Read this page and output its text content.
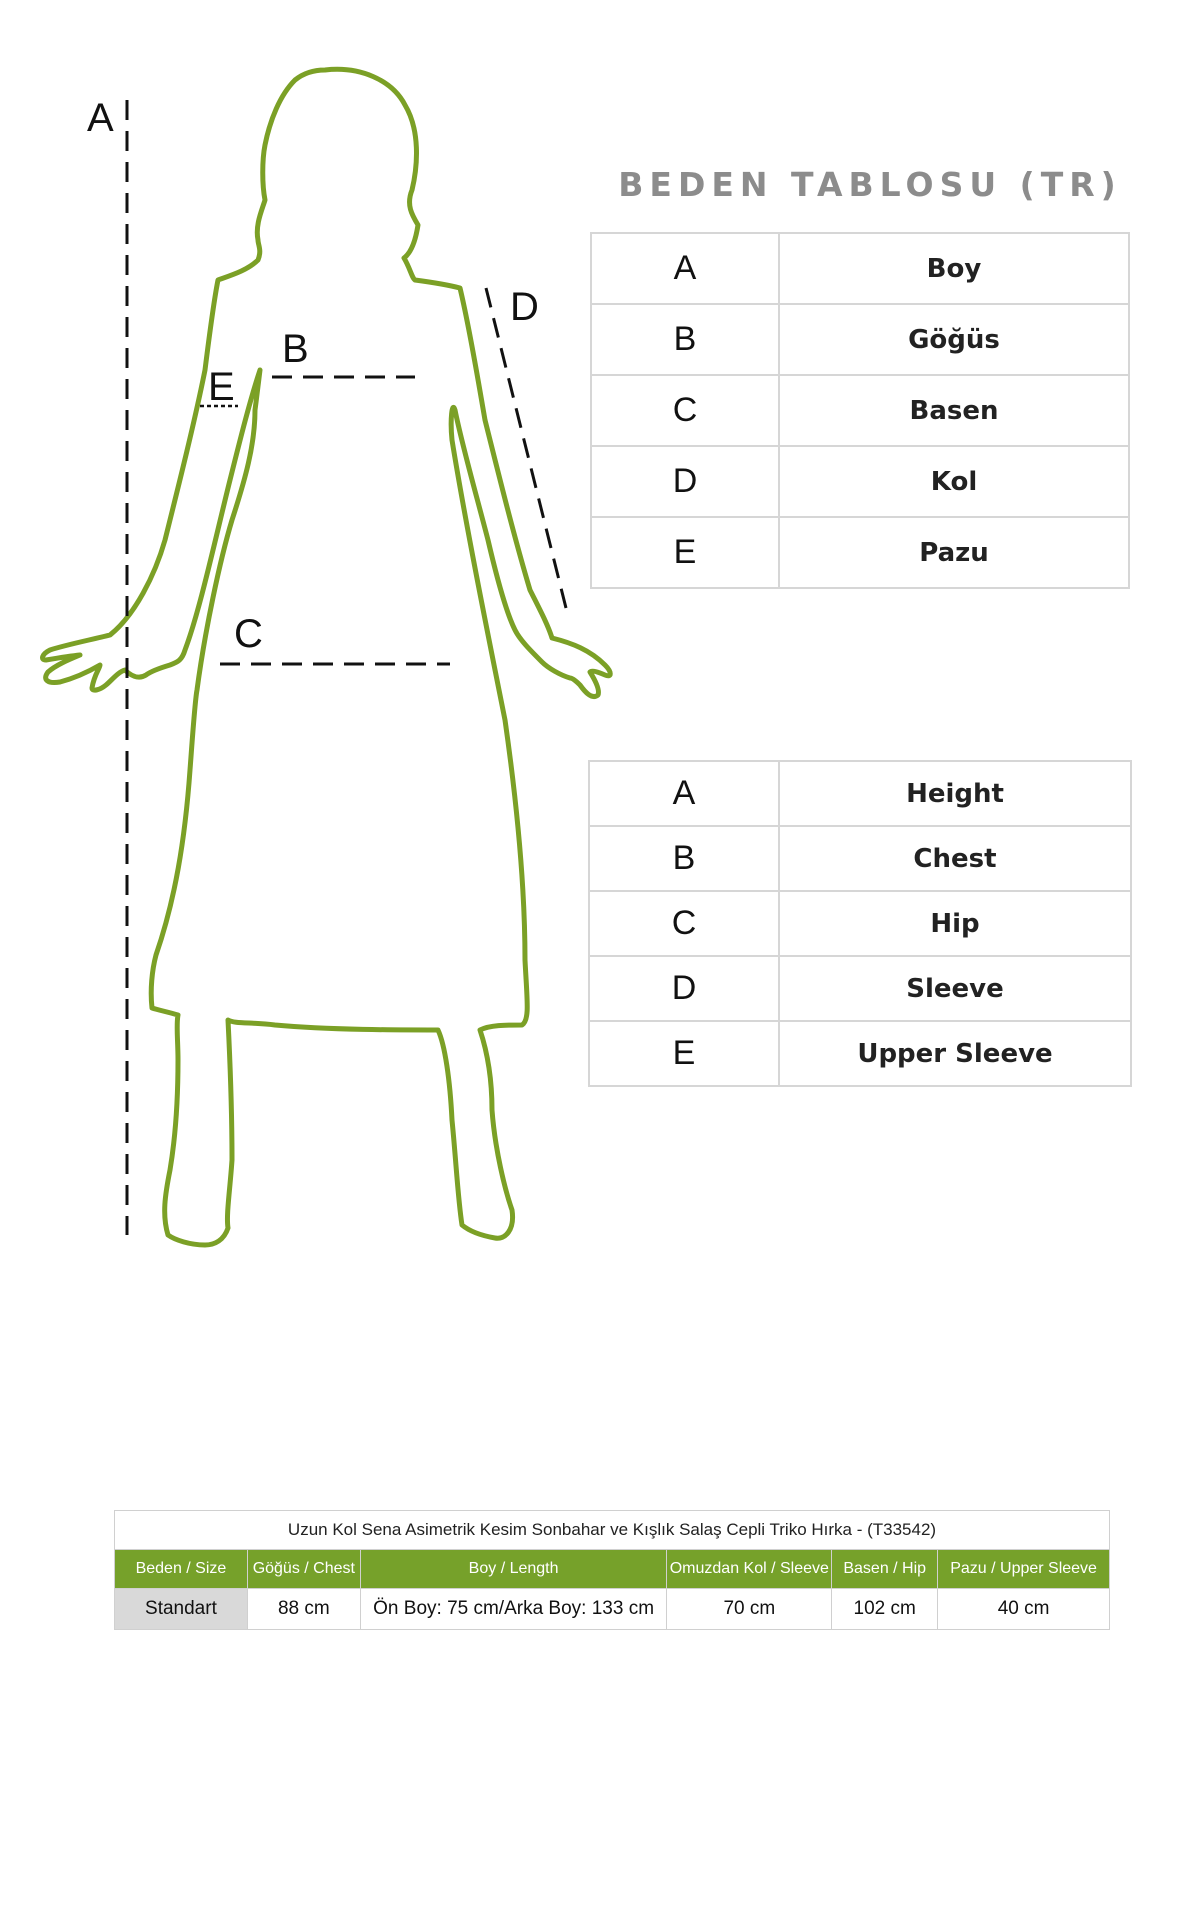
A
B
C
D
E
BEDEN TABLOSU (TR)
A	Boy
B	Göğüs
C	Basen
D	Kol
E	Pazu
A	Height
B	Chest
C	Hip
D	Sleeve
E	Upper Sleeve
Uzun Kol Sena Asimetrik Kesim Sonbahar ve Kışlık Salaş Cepli Triko Hırka - (T33542)					
Beden / Size	Göğüs / Chest	Boy / Length	Omuzdan Kol / Sleeve	Basen / Hip	Pazu / Upper Sleeve
Standart	88 cm	Ön Boy: 75 cm/Arka Boy: 133 cm	70 cm	102 cm	40 cm
